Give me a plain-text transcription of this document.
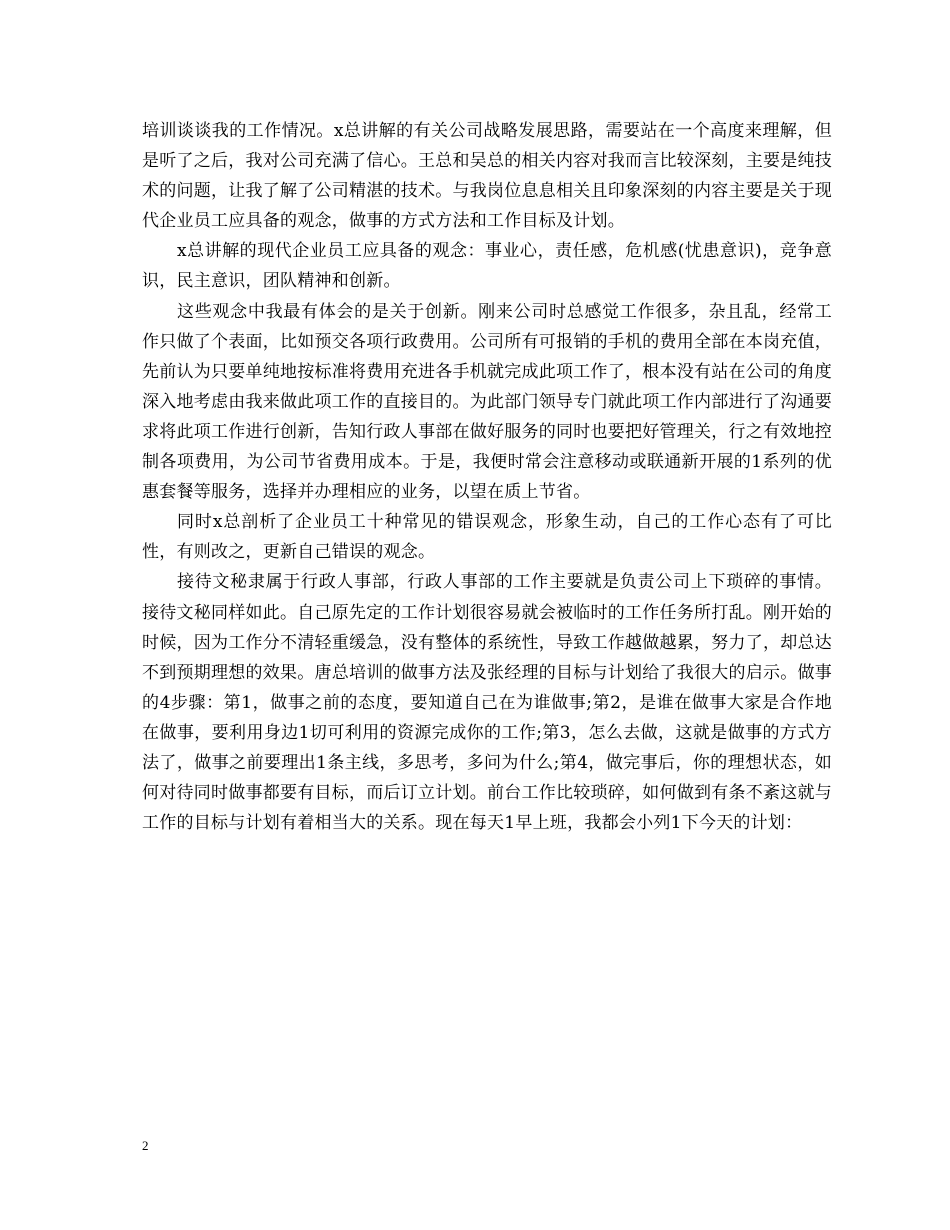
培训谈谈我的工作情况。x总讲解的有关公司战略发展思路，需要站在一个高度来理解，但是听了之后，我对公司充满了信心。王总和吴总的相关内容对我而言比较深刻，主要是纯技术的问题，让我了解了公司精湛的技术。与我岗位息息相关且印象深刻的内容主要是关于现代企业员工应具备的观念，做事的方式方法和工作目标及计划。

x总讲解的现代企业员工应具备的观念：事业心，责任感，危机感(忧患意识)，竞争意识，民主意识，团队精神和创新。

这些观念中我最有体会的是关于创新。刚来公司时总感觉工作很多，杂且乱，经常工作只做了个表面，比如预交各项行政费用。公司所有可报销的手机的费用全部在本岗充值，先前认为只要单纯地按标准将费用充进各手机就完成此项工作了，根本没有站在公司的角度深入地考虑由我来做此项工作的直接目的。为此部门领导专门就此项工作内部进行了沟通要求将此项工作进行创新，告知行政人事部在做好服务的同时也要把好管理关，行之有效地控制各项费用，为公司节省费用成本。于是，我便时常会注意移动或联通新开展的1系列的优惠套餐等服务，选择并办理相应的业务，以望在质上节省。

同时x总剖析了企业员工十种常见的错误观念，形象生动，自己的工作心态有了可比性，有则改之，更新自己错误的观念。

接待文秘隶属于行政人事部，行政人事部的工作主要就是负责公司上下琐碎的事情。接待文秘同样如此。自己原先定的工作计划很容易就会被临时的工作任务所打乱。刚开始的时候，因为工作分不清轻重缓急，没有整体的系统性，导致工作越做越累，努力了，却总达不到预期理想的效果。唐总培训的做事方法及张经理的目标与计划给了我很大的启示。做事的4步骤：第1，做事之前的态度，要知道自己在为谁做事;第2，是谁在做事大家是合作地在做事，要利用身边1切可利用的资源完成你的工作;第3，怎么去做，这就是做事的方式方法了，做事之前要理出1条主线，多思考，多问为什么;第4，做完事后，你的理想状态，如何对待同时做事都要有目标，而后订立计划。前台工作比较琐碎，如何做到有条不紊这就与工作的目标与计划有着相当大的关系。现在每天1早上班，我都会小列1下今天的计划：

2
